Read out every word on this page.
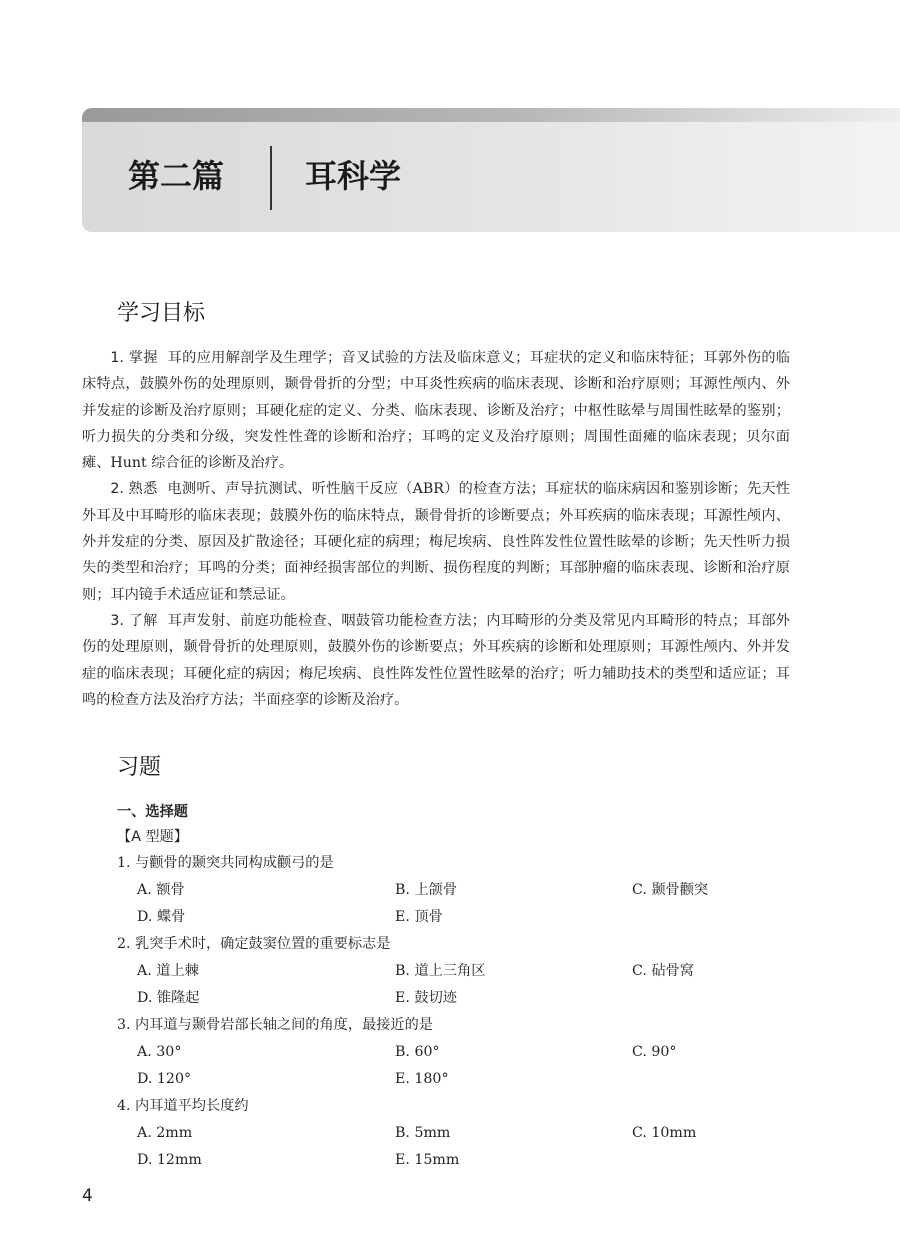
第二篇	耳科学
学习目标

1. 掌握 耳的应用解剖学及生理学；音叉试验的方法及临床意义；耳症状的定义和临床特征；耳郭外伤的临床特点，鼓膜外伤的处理原则，颞骨骨折的分型；中耳炎性疾病的临床表现、诊断和治疗原则；耳源性颅内、外并发症的诊断及治疗原则；耳硬化症的定义、分类、临床表现、诊断及治疗；中枢性眩晕与周围性眩晕的鉴别；听力损失的分类和分级，突发性性聋的诊断和治疗；耳鸣的定义及治疗原则；周围性面瘫的临床表现；贝尔面瘫、Hunt 综合征的诊断及治疗。

2. 熟悉 电测听、声导抗测试、听性脑干反应（ABR）的检查方法；耳症状的临床病因和鉴别诊断；先天性外耳及中耳畸形的临床表现；鼓膜外伤的临床特点，颞骨骨折的诊断要点；外耳疾病的临床表现；耳源性颅内、外并发症的分类、原因及扩散途径；耳硬化症的病理；梅尼埃病、良性阵发性位置性眩晕的诊断；先天性听力损失的类型和治疗；耳鸣的分类；面神经损害部位的判断、损伤程度的判断；耳部肿瘤的临床表现、诊断和治疗原则；耳内镜手术适应证和禁忌证。

3. 了解 耳声发射、前庭功能检查、咽鼓管功能检查方法；内耳畸形的分类及常见内耳畸形的特点；耳部外伤的处理原则，颞骨骨折的处理原则，鼓膜外伤的诊断要点；外耳疾病的诊断和处理原则；耳源性颅内、外并发症的临床表现；耳硬化症的病因；梅尼埃病、良性阵发性位置性眩晕的治疗；听力辅助技术的类型和适应证；耳鸣的检查方法及治疗方法；半面痉挛的诊断及治疗。

习题
一、选择题
【A 型题】
1. 与颧骨的颞突共同构成颧弓的是
A. 额骨	B. 上颌骨	C. 颞骨颧突
D. 蝶骨	E. 顶骨
2. 乳突手术时，确定鼓窦位置的重要标志是
A. 道上棘	B. 道上三角区	C. 砧骨窝
D. 锥隆起	E. 鼓切迹
3. 内耳道与颞骨岩部长轴之间的角度，最接近的是
A. 30°	B. 60°	C. 90°
D. 120°	E. 180°
4. 内耳道平均长度约
A. 2mm	B. 5mm	C. 10mm
D. 12mm	E. 15mm
4
